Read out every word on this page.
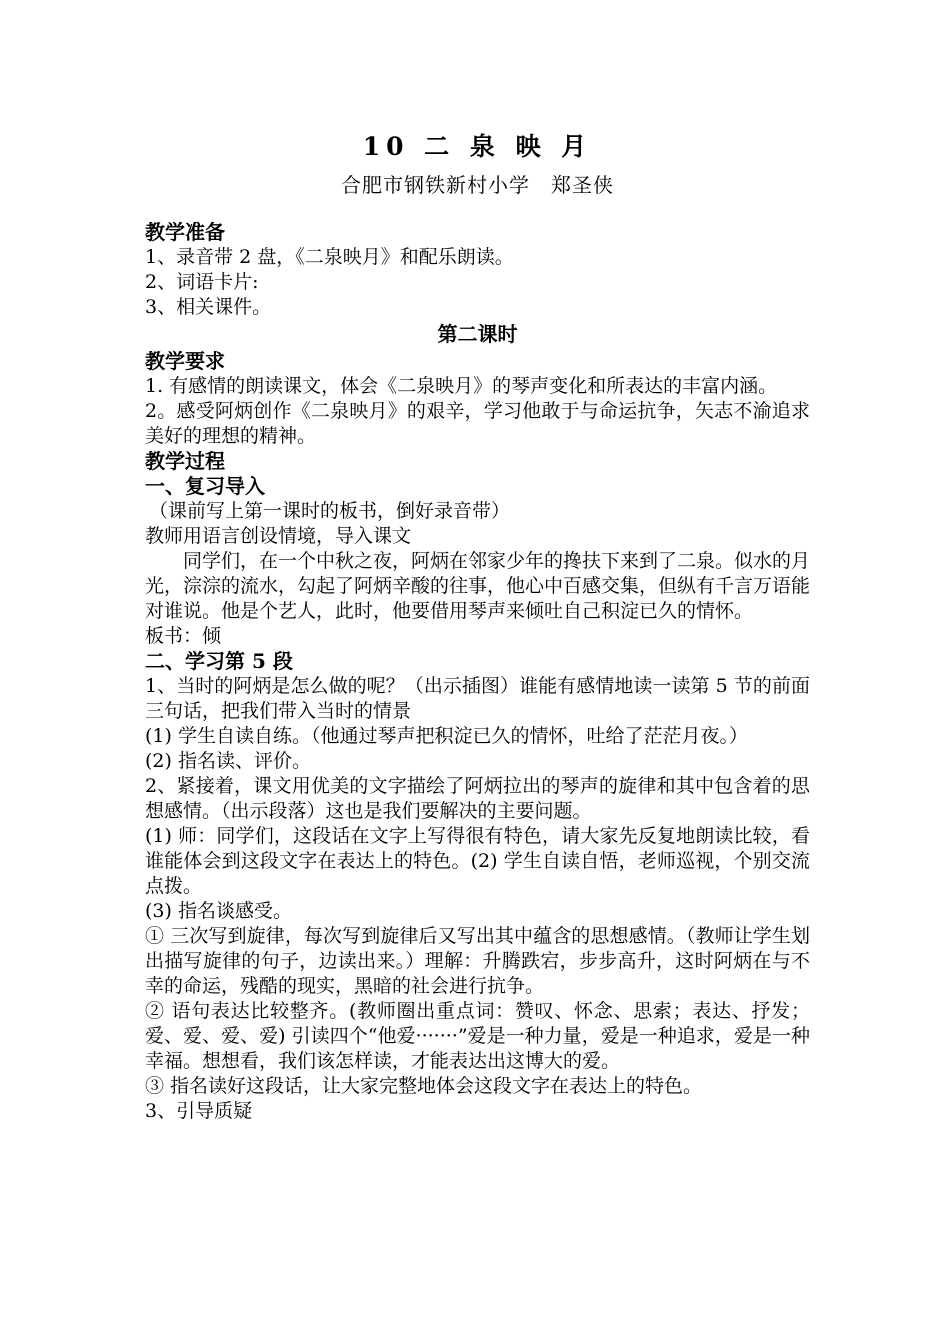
10 二 泉 映 月
合肥市钢铁新村小学　郑圣侠
教学准备

1、录音带 2 盘，《二泉映月》和配乐朗读。

2、词语卡片:

3、相关课件。

第二课时
教学要求

1. 有感情的朗读课文，体会《二泉映月》的琴声变化和所表达的丰富内涵。

2。感受阿炳创作《二泉映月》的艰辛，学习他敢于与命运抗争，矢志不渝追求美好的理想的精神。

教学过程
一、复习导入

（课前写上第一课时的板书，倒好录音带）

教师用语言创设情境，导入课文

同学们，在一个中秋之夜，阿炳在邻家少年的搀扶下来到了二泉。似水的月光，淙淙的流水，勾起了阿炳辛酸的往事，他心中百感交集，但纵有千言万语能对谁说。他是个艺人，此时，他要借用琴声来倾吐自己积淀已久的情怀。

板书：倾

二、学习第 5 段

1、当时的阿炳是怎么做的呢？（出示插图）谁能有感情地读一读第 5 节的前面三句话，把我们带入当时的情景

(1) 学生自读自练。（他通过琴声把积淀已久的情怀，吐给了茫茫月夜。）

(2) 指名读、评价。

2、紧接着，课文用优美的文字描绘了阿炳拉出的琴声的旋律和其中包含着的思想感情。（出示段落）这也是我们要解决的主要问题。

(1) 师：同学们，这段话在文字上写得很有特色，请大家先反复地朗读比较，看谁能体会到这段文字在表达上的特色。(2) 学生自读自悟，老师巡视，个别交流点拨。

(3) 指名谈感受。

① 三次写到旋律，每次写到旋律后又写出其中蕴含的思想感情。（教师让学生划出描写旋律的句子，边读出来。）理解：升腾跌宕，步步高升，这时阿炳在与不幸的命运，残酷的现实，黑暗的社会进行抗争。

② 语句表达比较整齐。(教师圈出重点词：赞叹、怀念、思索；表达、抒发；爱、爱、爱、爱) 引读四个“他爱·······”爱是一种力量，爱是一种追求，爱是一种幸福。想想看，我们该怎样读，才能表达出这博大的爱。

③ 指名读好这段话，让大家完整地体会这段文字在表达上的特色。

3、引导质疑
